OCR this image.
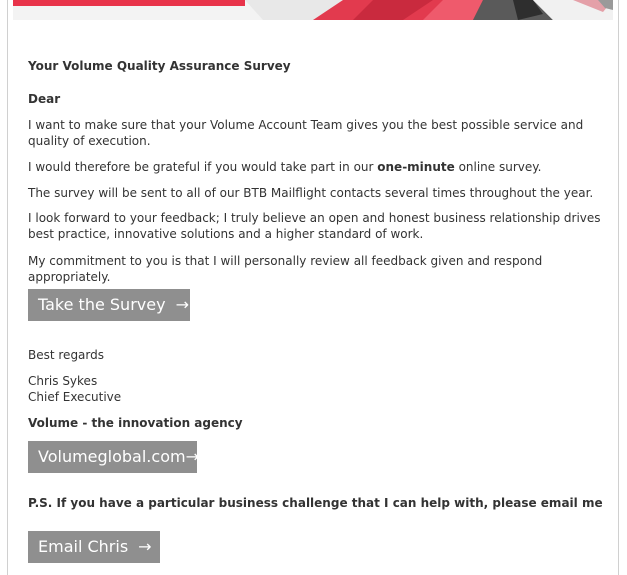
Your Volume Quality Assurance Survey

Dear

I want to make sure that your Volume Account Team gives you the best possible service and quality of execution.

I would therefore be grateful if you would take part in our one-minute online survey.

The survey will be sent to all of our BTB Mailflight contacts several times throughout the year.

I look forward to your feedback; I truly believe an open and honest business relationship drives best practice, innovative solutions and a higher standard of work.

My commitment to you is that I will personally review all feedback given and respond appropriately.

Take the Survey →

Best regards

Chris Sykes

Chief Executive

Volume - the innovation agency

Volumeglobal.com→

P.S. If you have a particular business challenge that I can help with, please email me

Email Chris →
